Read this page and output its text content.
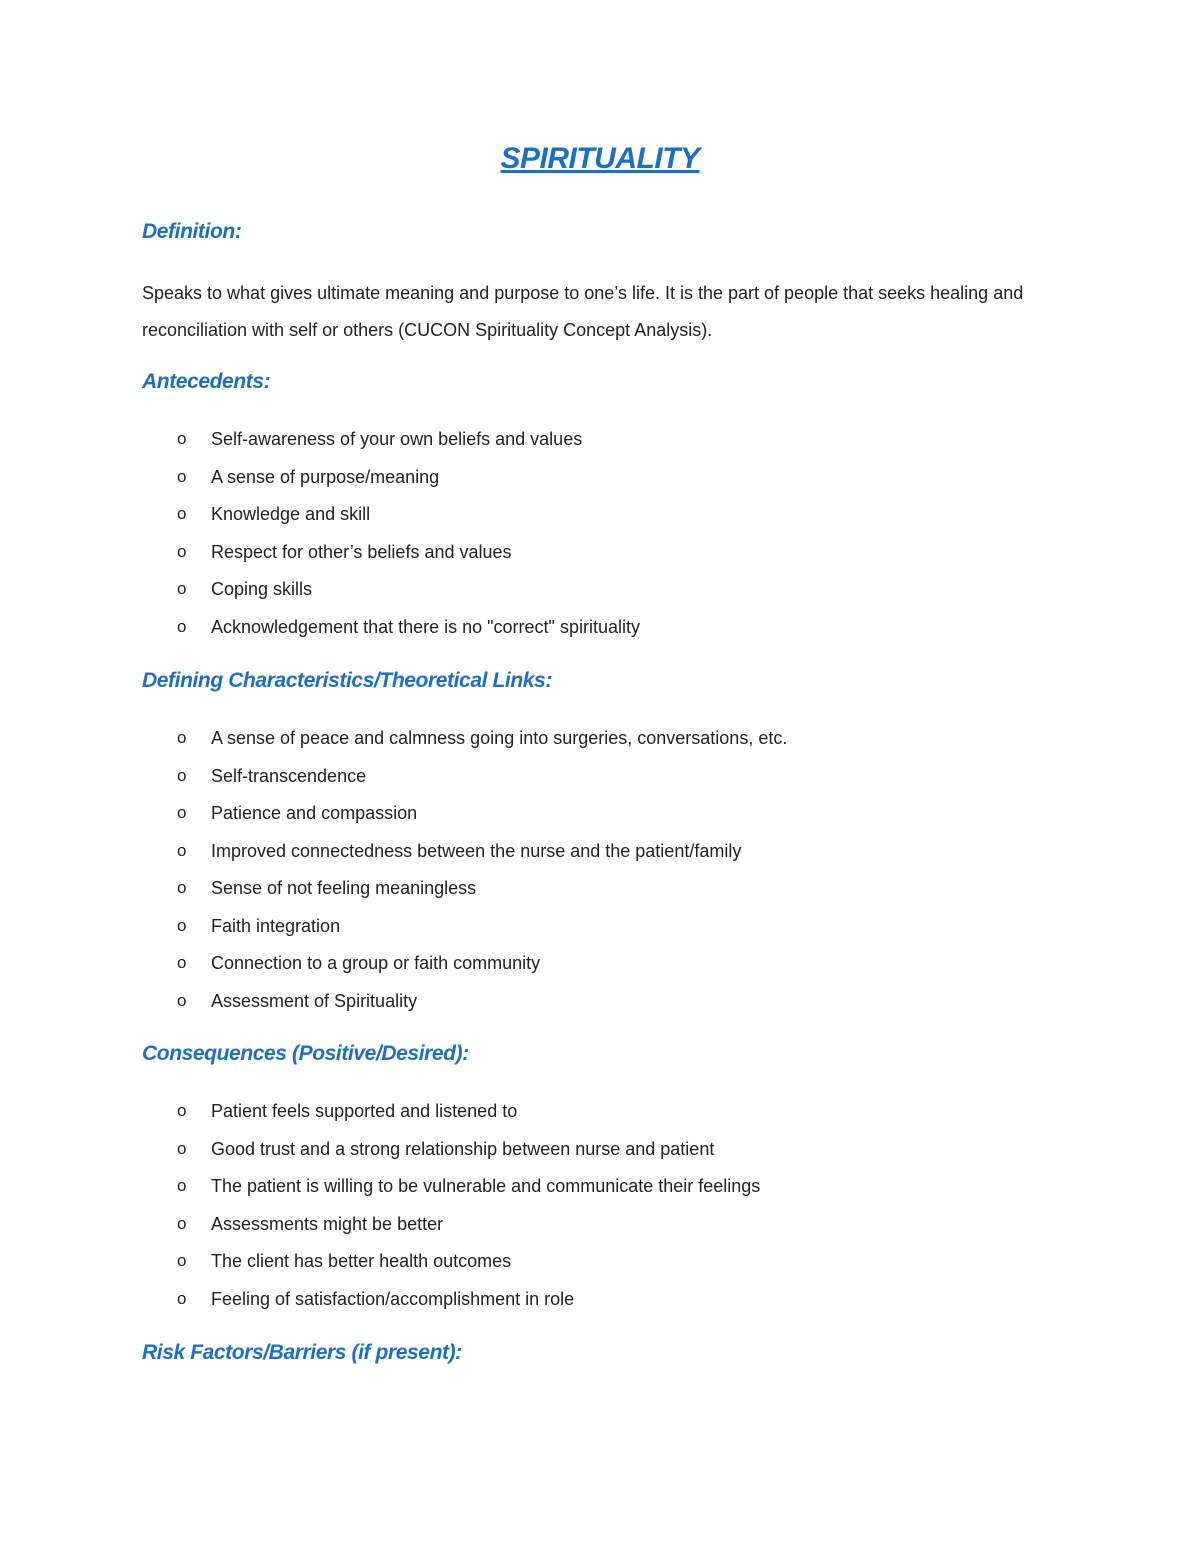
SPIRITUALITY
Definition:

Speaks to what gives ultimate meaning and purpose to one’s life. It is the part of people that seeks healing and reconciliation with self or others (CUCON Spirituality Concept Analysis).

Antecedents:
o Self-awareness of your own beliefs and values
o A sense of purpose/meaning
o Knowledge and skill
o Respect for other’s beliefs and values
o Coping skills
o Acknowledgement that there is no "correct" spirituality
Defining Characteristics/Theoretical Links:
o A sense of peace and calmness going into surgeries, conversations, etc.
o Self-transcendence
o Patience and compassion
o Improved connectedness between the nurse and the patient/family
o Sense of not feeling meaningless
o Faith integration
o Connection to a group or faith community
o Assessment of Spirituality
Consequences (Positive/Desired):
o Patient feels supported and listened to
o Good trust and a strong relationship between nurse and patient
o The patient is willing to be vulnerable and communicate their feelings
o Assessments might be better
o The client has better health outcomes
o Feeling of satisfaction/accomplishment in role
Risk Factors/Barriers (if present):
